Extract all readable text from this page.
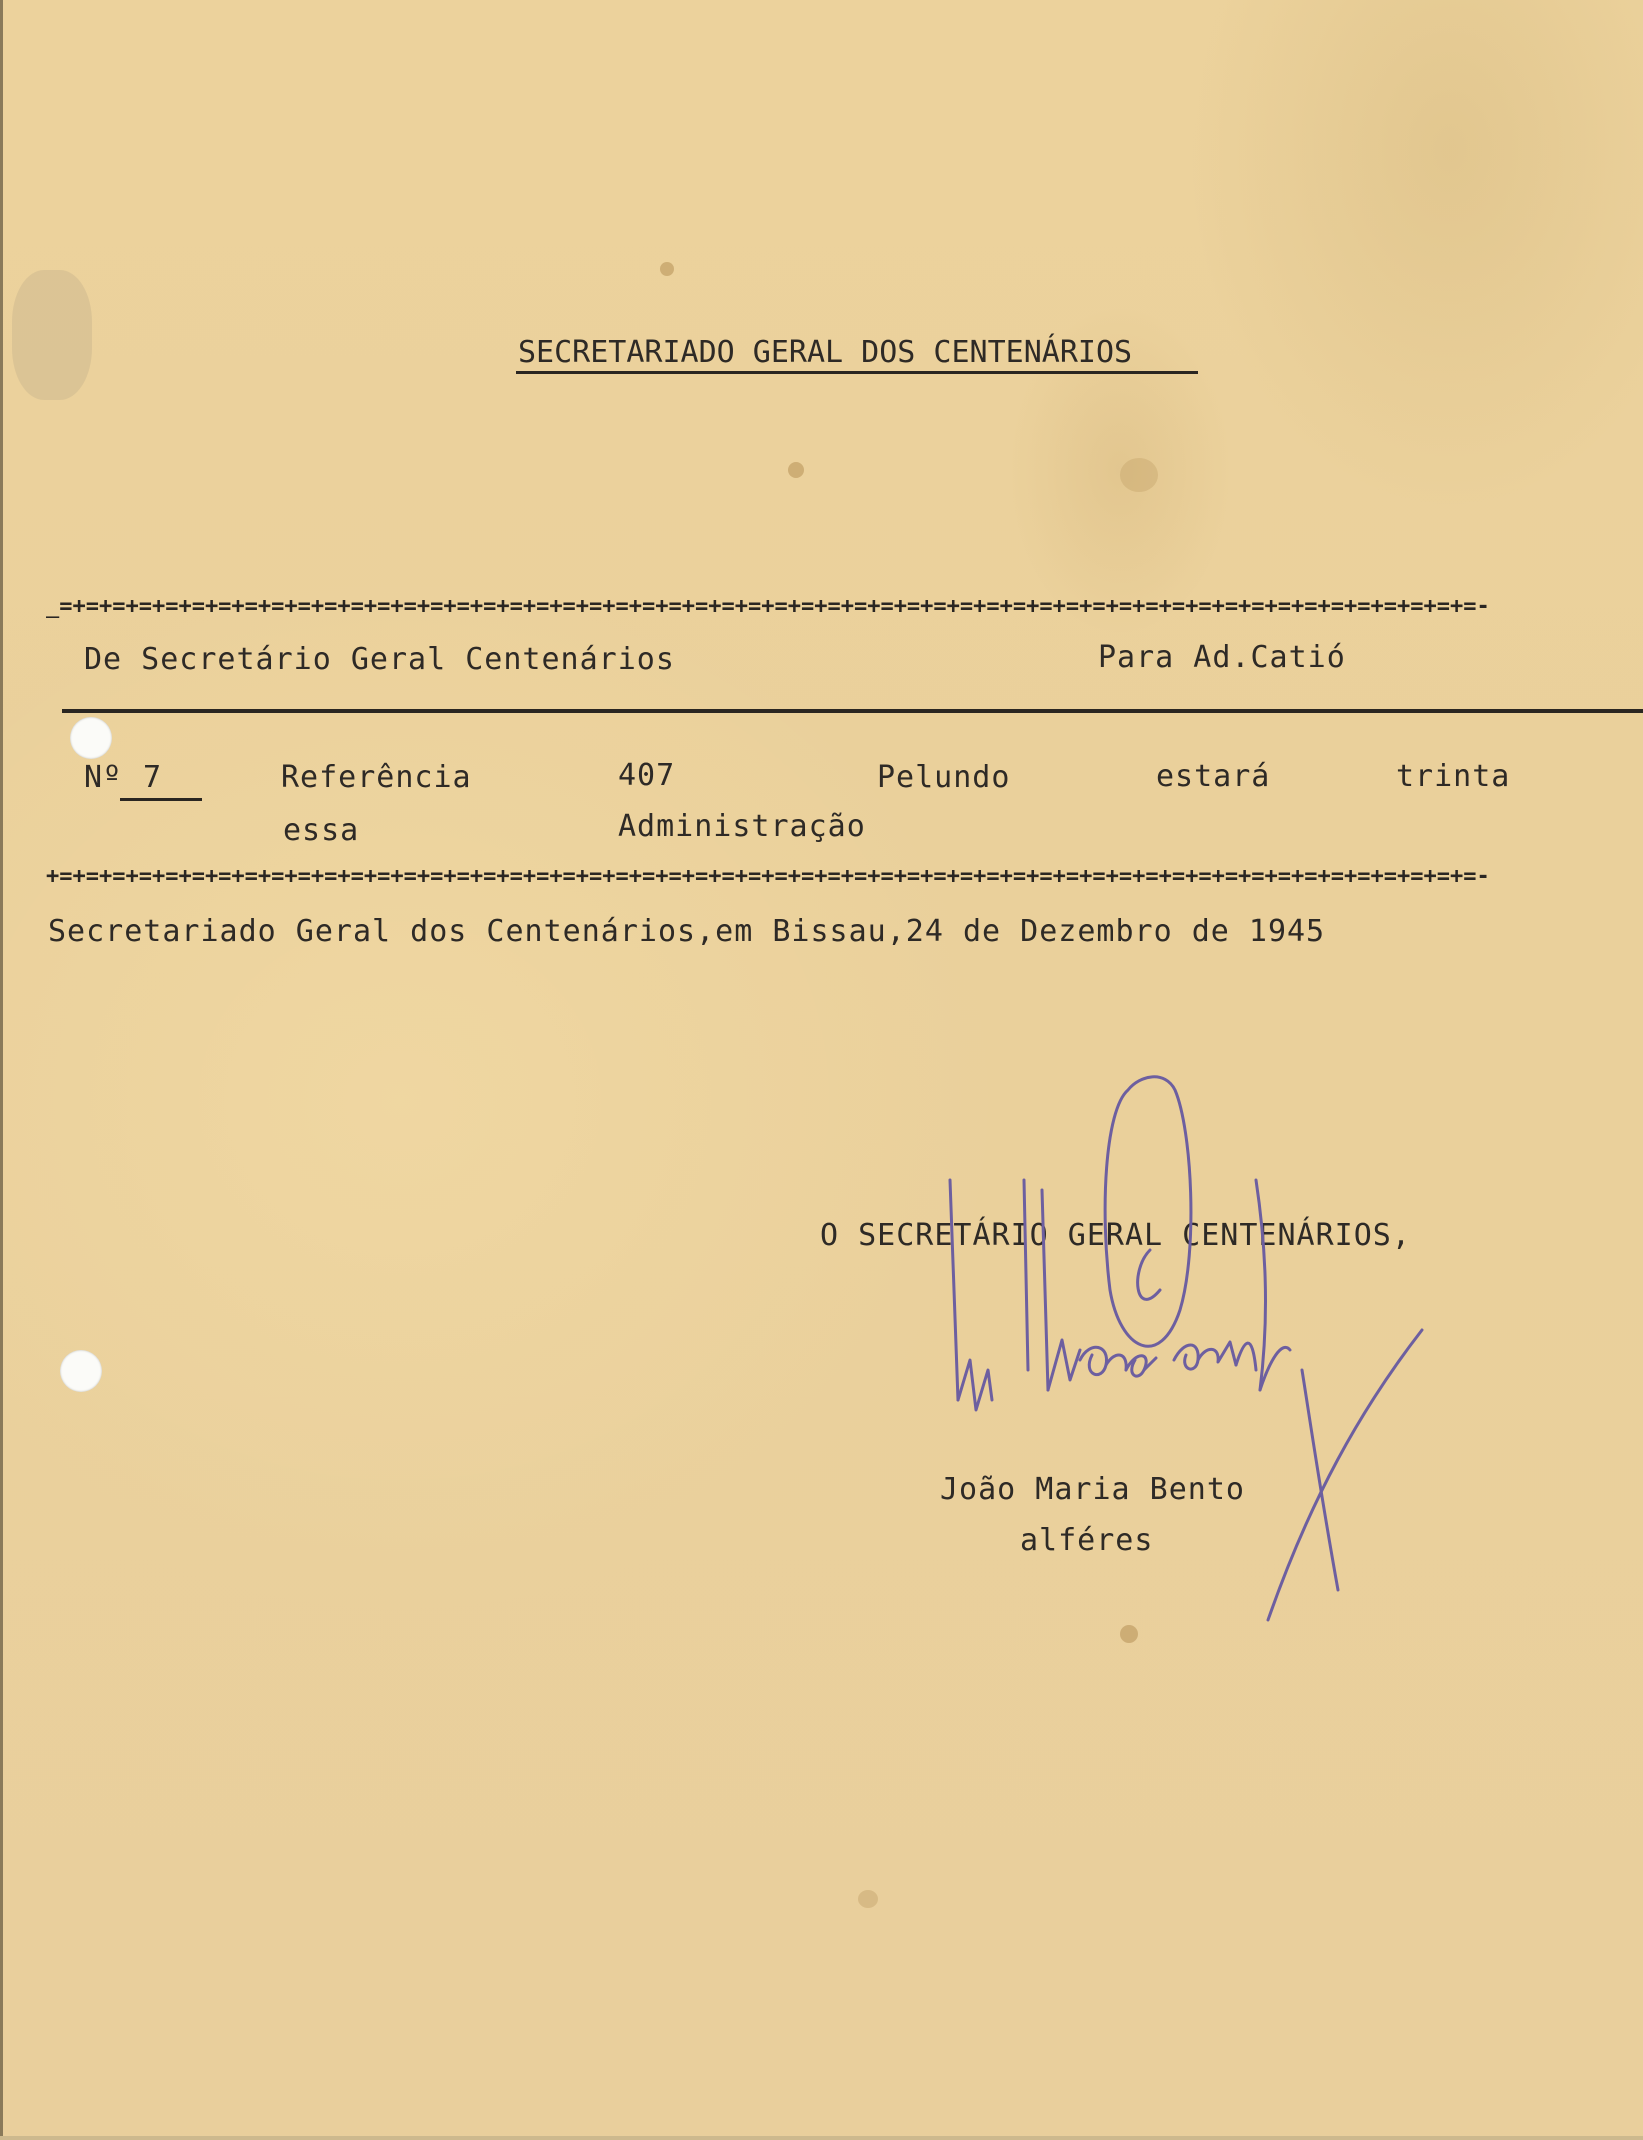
SECRETARIADO GERAL DOS CENTENÁRIOS
_=+=+=+=+=+=+=+=+=+=+=+=+=+=+=+=+=+=+=+=+=+=+=+=+=+=+=+=+=+=+=+=+=+=+=+=+=+=+=+=+=+=+=+=+=+=+=+=+=+=+=+=+=+=-
De Secretário Geral Centenários	Para Ad.Catió
Nº 7	Referência	407	Pelundo	estará	trinta
essa	Administração
+=+=+=+=+=+=+=+=+=+=+=+=+=+=+=+=+=+=+=+=+=+=+=+=+=+=+=+=+=+=+=+=+=+=+=+=+=+=+=+=+=+=+=+=+=+=+=+=+=+=+=+=+=+=-
Secretariado Geral dos Centenários,em Bissau,24 de Dezembro de 1945
O SECRETÁRIO GERAL CENTENÁRIOS,
João Maria Bento
alféres
